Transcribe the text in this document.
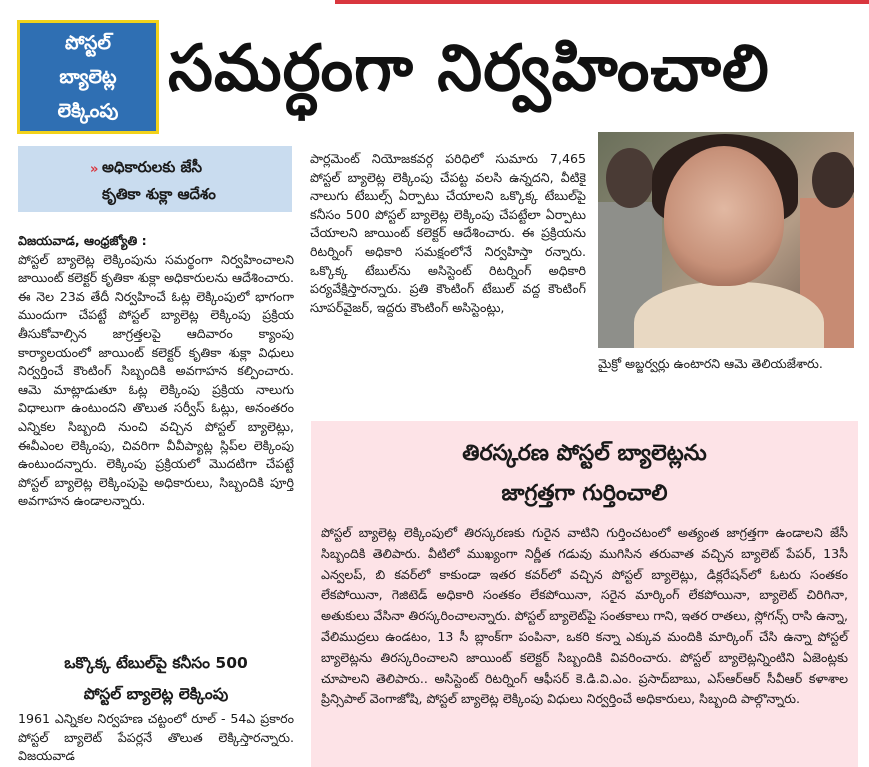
పోస్టల్
బ్యాలెట్ల
లెక్కింపు
సమర్ధంగా నిర్వహించాలి
» అధికారులకు జేసీ
కృతికా శుక్లా ఆదేశం

విజయవాడ, ఆంధ్రజ్యోతి :

పోస్టల్ బ్యాలెట్ల లెక్కింపును సమర్థంగా నిర్వహించాలని జాయింట్ కలెక్టర్ కృతికా శుక్లా అధికారులను ఆదేశించారు. ఈ నెల 23వ తేదీ నిర్వహించే ఓట్ల లెక్కింపులో భాగంగా ముందుగా చేపట్టే పోస్టల్ బ్యాలెట్ల లెక్కింపు ప్రక్రియ తీసుకోవాల్సిన జాగ్రత్తలపై ఆదివారం క్యాంపు కార్యాలయంలో జాయింట్ కలెక్టర్ కృతికా శుక్లా విధులు నిర్వర్తించే కౌంటింగ్ సిబ్బందికి అవగాహన కల్పించారు. ఆమె మాట్లాడుతూ ఓట్ల లెక్కింపు ప్రక్రియ నాలుగు విధాలుగా ఉంటుందని తొలుత సర్వీస్ ఓట్లు, అనంతరం ఎన్నికల సిబ్బంది నుంచి వచ్చిన పోస్టల్ బ్యాలెట్లు, ఈవీఎంల లెక్కింపు, చివరిగా వీవీప్యాట్ల స్లిప్‌ల లెక్కింపు ఉంటుందన్నారు. లెక్కింపు ప్రక్రియలో మొదటిగా చేపట్టే పోస్టల్ బ్యాలెట్ల లెక్కింపుపై అధికారులు, సిబ్బందికి పూర్తి అవగాహన ఉండాలన్నారు.

ఒక్కొక్క టేబుల్‌పై కనీసం 500
పోస్టల్ బ్యాలెట్ల లెక్కింపు

1961 ఎన్నికల నిర్వహణ చట్టంలో రూల్ - 54ఎ ప్రకారం పోస్టల్ బ్యాలెట్ పేపర్లనే తొలుత లెక్కిస్తారన్నారు. విజయవాడ

పార్లమెంట్ నియోజకవర్గ పరిధిలో సుమారు 7,465 పోస్టల్ బ్యాలెట్ల లెక్కింపు చేపట్ట వలసి ఉన్నదని, వీటికై నాలుగు టేబుల్స్ ఏర్పాటు చేయాలని ఒక్కొక్క టేబుల్‌పై కనీసం 500 పోస్టల్ బ్యాలెట్ల లెక్కింపు చేపట్టేలా ఏర్పాటు చేయాలని జాయింట్ కలెక్టర్ ఆదేశించారు. ఈ ప్రక్రియను రిటర్నింగ్ అధికారి సమక్షంలోనే నిర్వహిస్తా రన్నారు. ఒక్కొక్క టేబుల్‌ను అసిస్టెంట్ రిటర్నింగ్ అధికారి పర్యవేక్షిస్తారన్నారు. ప్రతి కౌంటింగ్ టేబుల్ వద్ద కౌంటింగ్ సూపర్‌వైజర్, ఇద్దరు కౌంటింగ్ అసిస్టెంట్లు,

మైక్రో అబ్జర్వర్లు ఉంటారని ఆమె తెలియజేశారు.
తిరస్కరణ పోస్టల్ బ్యాలెట్లను
జాగ్రత్తగా గుర్తించాలి
పోస్టల్ బ్యాలెట్ల లెక్కింపులో తిరస్కరణకు గురైన వాటిని గుర్తించటంలో అత్యంత జాగ్రత్తగా ఉండాలని జేసీ సిబ్బందికి తెలిపారు. వీటిలో ముఖ్యంగా నిర్ణీత గడువు ముగిసిన తరువాత వచ్చిన బ్యాలెట్ పేపర్, 13సీ ఎన్వలప్, బి కవర్‌లో కాకుండా ఇతర కవర్‌లో వచ్చిన పోస్టల్ బ్యాలెట్లు, డిక్లరేషన్‌లో ఓటరు సంతకం లేకపోయినా, గెజిటెడ్ అధికారి సంతకం లేకపోయినా, సరైన మార్కింగ్ లేకపోయినా, బ్యాలెట్ చిరిగినా, అతుకులు వేసినా తిరస్కరించాలన్నారు. పోస్టల్ బ్యాలెట్‌పై సంతకాలు గాని, ఇతర రాతలు, స్లోగన్స్ రాసి ఉన్నా, వేలిముద్రలు ఉండటం, 13 సీ బ్లాంక్‌గా పంపినా, ఒకరి కన్నా ఎక్కువ మందికి మార్కింగ్ చేసి ఉన్నా పోస్టల్ బ్యాలెట్లను తిరస్కరించాలని జాయింట్ కలెక్టర్ సిబ్బందికి వివరించారు. పోస్టల్ బ్యాలెట్లన్నింటిని ఏజెంట్లకు చూపాలని తెలిపారు.. అసిస్టెంట్ రిటర్నింగ్ ఆఫీసర్ కె.డి.వి.ఎం. ప్రసాద్‌బాబు, ఎస్ఆర్ఆర్ సీవీఆర్ కళాశాల ప్రిన్సిపాల్ వెంగాజోషి, పోస్టల్ బ్యాలెట్ల లెక్కింపు విధులు నిర్వర్తించే అధికారులు, సిబ్బంది పాల్గొన్నారు.
